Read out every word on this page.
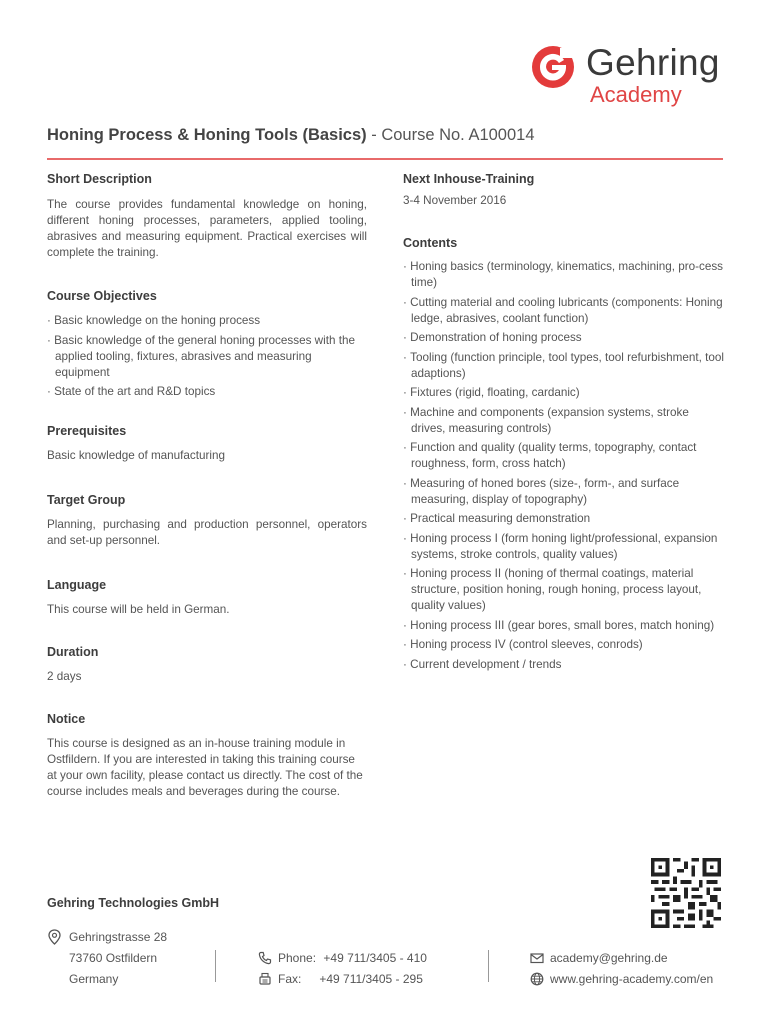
Gehring
Academy
Honing Process & Honing Tools (Basics) - Course No. A100014

Short Description

The course provides fundamental knowledge on honing, different honing processes, parameters, applied tooling, abrasives and measuring equipment. Practical exercises will complete the training.

Course Objectives

· Basic knowledge on the honing process
· Basic knowledge of the general honing processes with the applied tooling, fixtures, abrasives and measuring equipment
· State of the art and R&D topics

Prerequisites

Basic knowledge of manufacturing

Target Group

Planning, purchasing and production personnel, operators and set-up personnel.

Language

This course will be held in German.

Duration

2 days

Notice

This course is designed as an in-house training module in Ostfildern. If you are interested in taking this training course at your own facility, please contact us directly. The cost of the course includes meals and beverages during the course.

Next Inhouse-Training

3-4 November 2016

Contents

· Honing basics (terminology, kinematics, machining, pro-cess time)
· Cutting material and cooling lubricants (components: Honing ledge, abrasives, coolant function)
· Demonstration of honing process
· Tooling (function principle, tool types, tool refurbishment, tool adaptions)
· Fixtures (rigid, floating, cardanic)
· Machine and components (expansion systems, stroke drives, measuring controls)
· Function and quality (quality terms, topography, contact roughness, form, cross hatch)
· Measuring of honed bores (size-, form-, and surface measuring, display of topography)
· Practical measuring demonstration
· Honing process I (form honing light/professional, expansion systems, stroke controls, quality values)
· Honing process II (honing of thermal coatings, material structure, position honing, rough honing, process layout, quality values)
· Honing process III (gear bores, small bores, match honing)
· Honing process IV (control sleeves, conrods)
· Current development / trends
Gehring Technologies GmbH
Gehringstrasse 28
73760 Ostfildern
Germany
Phone: +49 711/3405 - 410
Fax: +49 711/3405 - 295
academy@gehring.de
www.gehring-academy.com/en
